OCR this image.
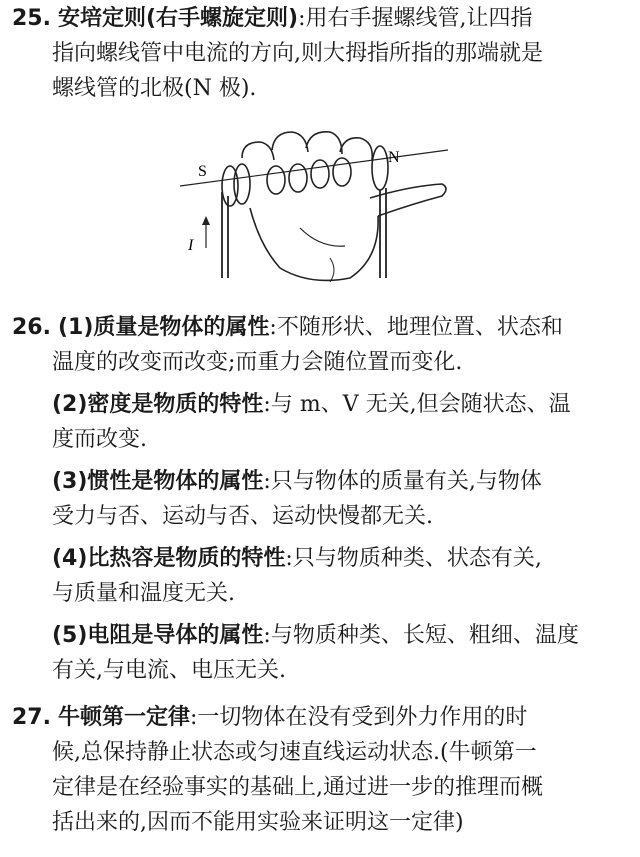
25. 安培定则(右手螺旋定则):用右手握螺线管,让四指
指向螺线管中电流的方向,则大拇指所指的那端就是
螺线管的北极(N 极).
S
N
I
26. (1)质量是物体的属性:不随形状、地理位置、状态和
温度的改变而改变;而重力会随位置而变化.
(2)密度是物质的特性:与 m、V 无关,但会随状态、温
度而改变.
(3)惯性是物体的属性:只与物体的质量有关,与物体
受力与否、运动与否、运动快慢都无关.
(4)比热容是物质的特性:只与物质种类、状态有关,
与质量和温度无关.
(5)电阻是导体的属性:与物质种类、长短、粗细、温度
有关,与电流、电压无关.
27. 牛顿第一定律:一切物体在没有受到外力作用的时
候,总保持静止状态或匀速直线运动状态.(牛顿第一
定律是在经验事实的基础上,通过进一步的推理而概
括出来的,因而不能用实验来证明这一定律)
